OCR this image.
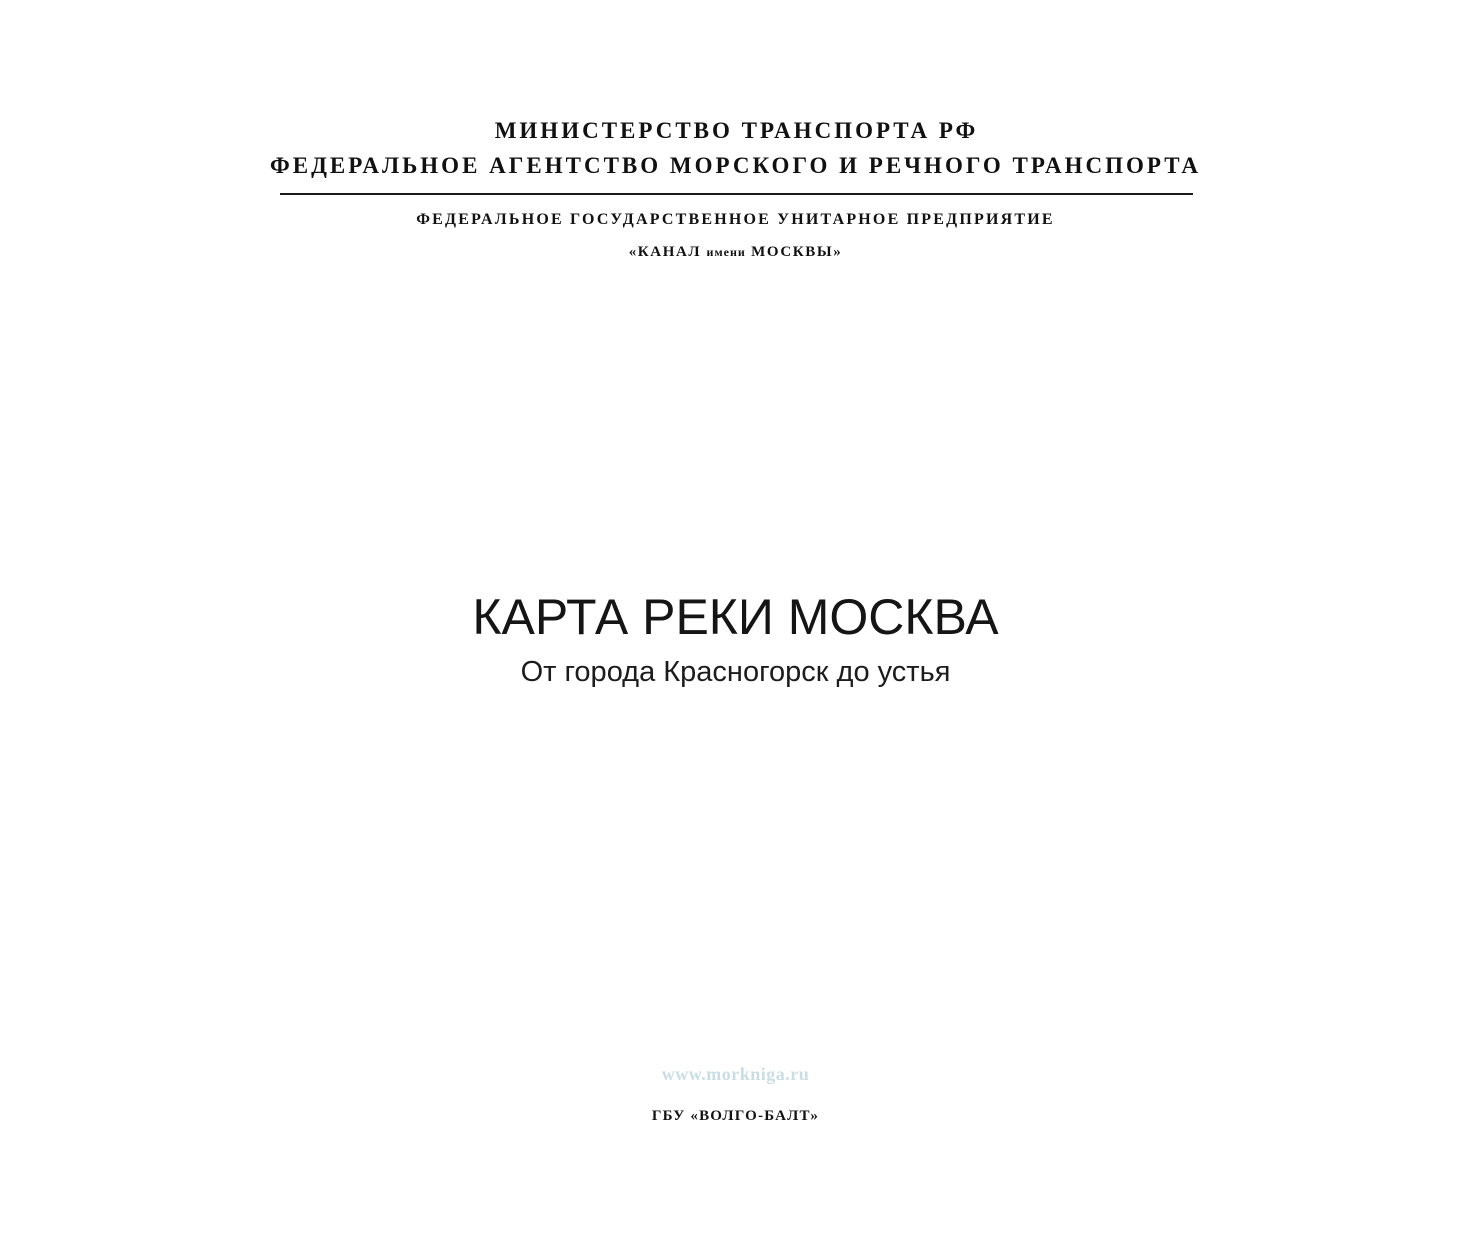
МИНИСТЕРСТВО ТРАНСПОРТА РФ
ФЕДЕРАЛЬНОЕ АГЕНТСТВО МОРСКОГО И РЕЧНОГО ТРАНСПОРТА
ФЕДЕРАЛЬНОЕ ГОСУДАРСТВЕННОЕ УНИТАРНОЕ ПРЕДПРИЯТИЕ
«КАНАЛ имени МОСКВЫ»
КАРТА РЕКИ МОСКВА
От города Красногорск до устья
www.morkniga.ru
ГБУ «ВОЛГО-БАЛТ»
